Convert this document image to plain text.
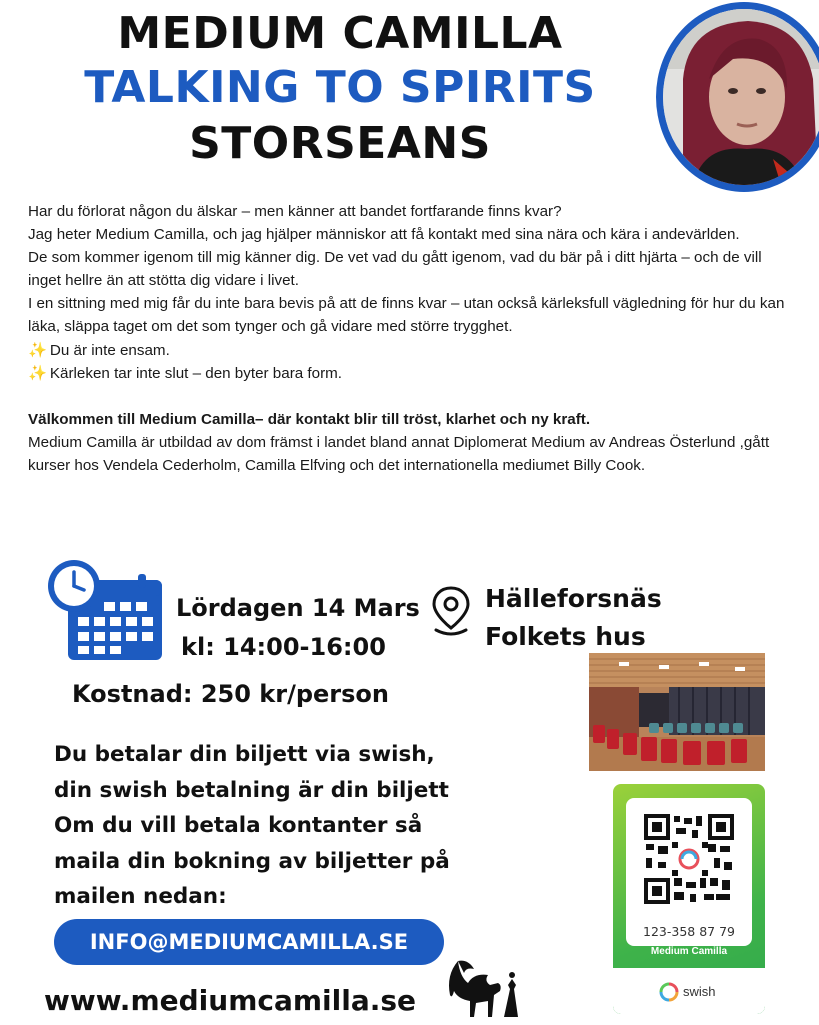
MEDIUM CAMILLA
TALKING TO SPIRITS
STORSEANS

Har du förlorat någon du älskar – men känner att bandet fortfarande finns kvar?

Jag heter Medium Camilla, och jag hjälper människor att få kontakt med sina nära och kära i andevärlden.

De som kommer igenom till mig känner dig. De vet vad du gått igenom, vad du bär på i ditt hjärta – och de vill inget hellre än att stötta dig vidare i livet.

I en sittning med mig får du inte bara bevis på att de finns kvar – utan också kärleksfull vägledning för hur du kan läka, släppa taget om det som tynger och gå vidare med större trygghet.

✨ Du är inte ensam.

✨ Kärleken tar inte slut – den byter bara form.

Välkommen till Medium Camilla– där kontakt blir till tröst, klarhet och ny kraft.

Medium Camilla är utbildad av dom främst i landet bland annat Diplomerat Medium av Andreas Österlund ,gått kurser hos Vendela Cederholm, Camilla Elfving och det internationella mediumet Billy Cook.

Lördagen 14 Mars
kl: 14:00-16:00
Hälleforsnäs
Folkets hus
Kostnad: 250 kr/person
Du betalar din biljett via swish,
din swish betalning är din biljett
Om du vill betala kontanter så
maila din bokning av biljetter på
mailen nedan:
123-358 87 79
Medium Camilla
swish
INFO@MEDIUMCAMILLA.SE
www.mediumcamilla.se
